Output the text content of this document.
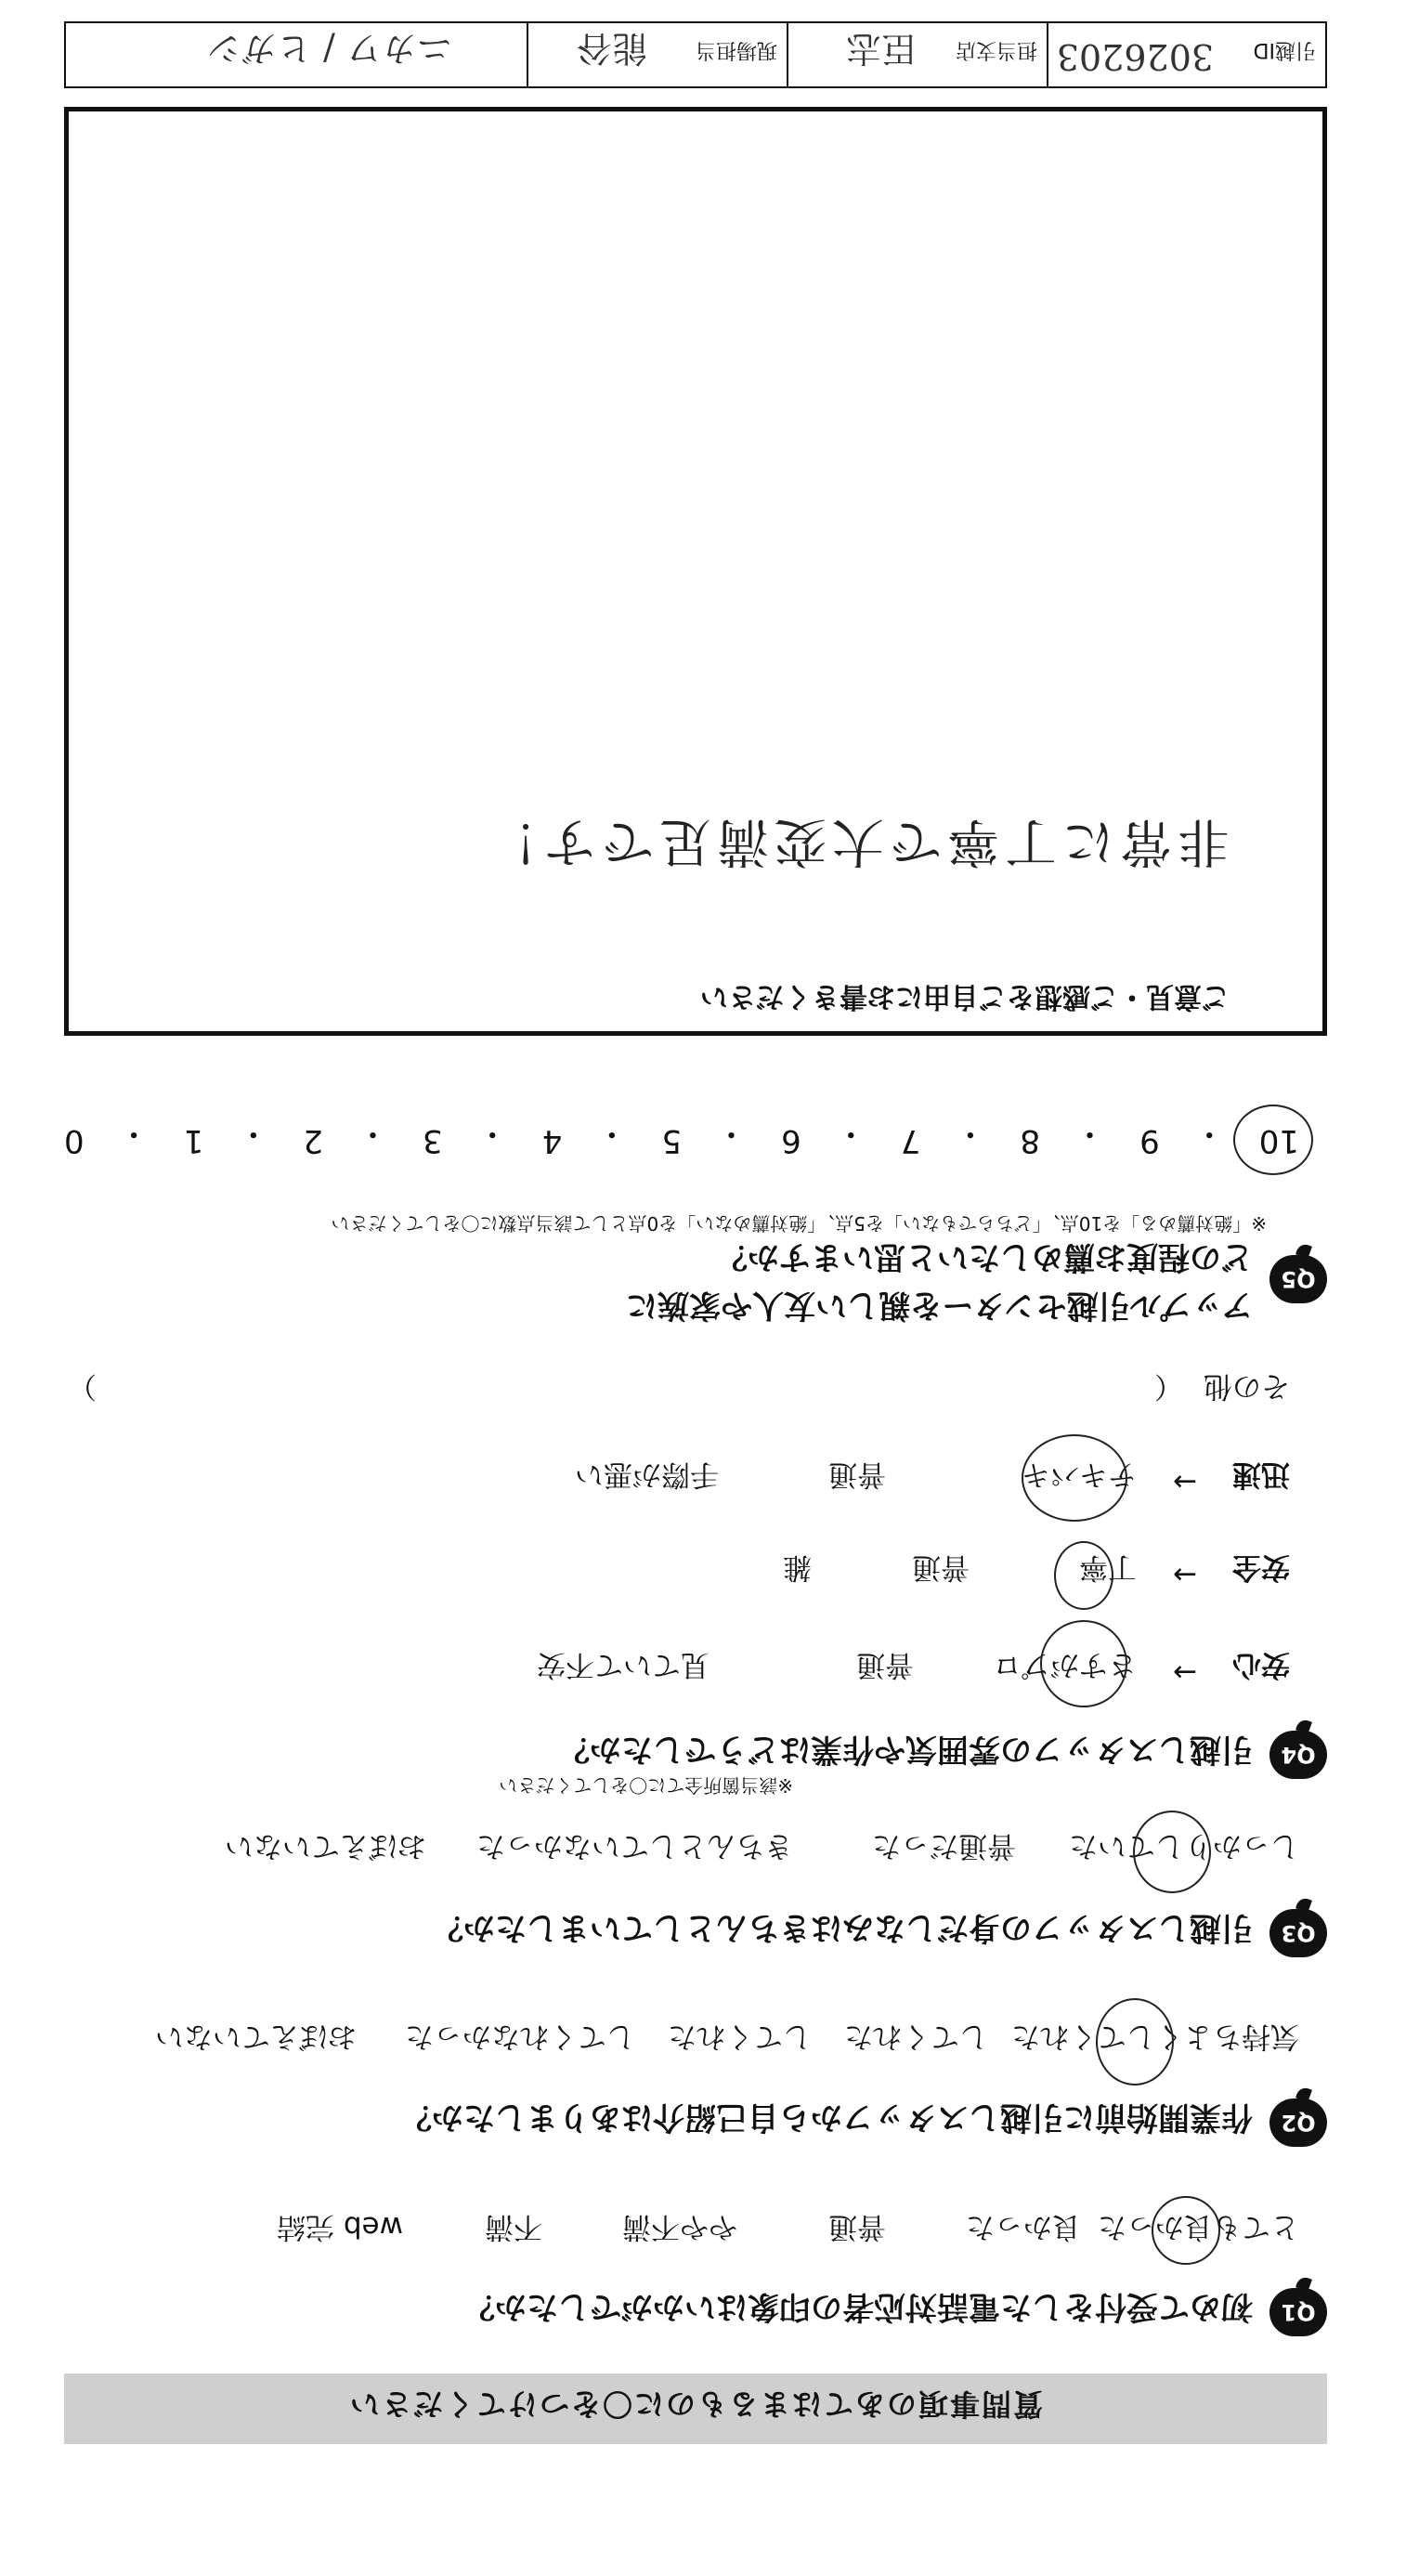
質問事項のあてはまるものに〇をつけてください
Q1
初めて受付をした電話対応者の印象はいかがでしたか？
とても良かった
良かった
普通
やや不満
不満
web 完結
Q2
作業開始前に引越しスタッフから自己紹介はありましたか？
気持ちよくしてくれた
してくれた
してくれた
してくれなかった
おぼえていない
Q3
引越しスタッフの身だしなみはきちんとしていましたか？
しっかりしていた
普通だった
きちんとしていなかった
おぼえていない
Q4
引越しスタッフの雰囲気や作業はどうでしたか？
※該当箇所全てに〇をしてください
安心
→
さすがプロ
普通
見ていて不安
安全
→
丁寧
普通
雑
迅速
→
テキパキ
普通
手際が悪い
その他
（
）
Q5
アップル引越センターを親しい友人や家族に
どの程度お薦めしたいと思いますか？
※「絶対薦める」を10点、「どちらでもない」を5点、「絶対薦めない」を0点として該当点数に〇をしてください
10
・
9
・
8
・
7
・
6
・
5
・
4
・
3
・
2
・
1
・
0
ご意見・ご感想をご自由にお書きください
非常に丁寧で大変満足です！
引越ID
3026203
担当支店
臣志
現場担当
能谷
ニカワ / ヒガシ
